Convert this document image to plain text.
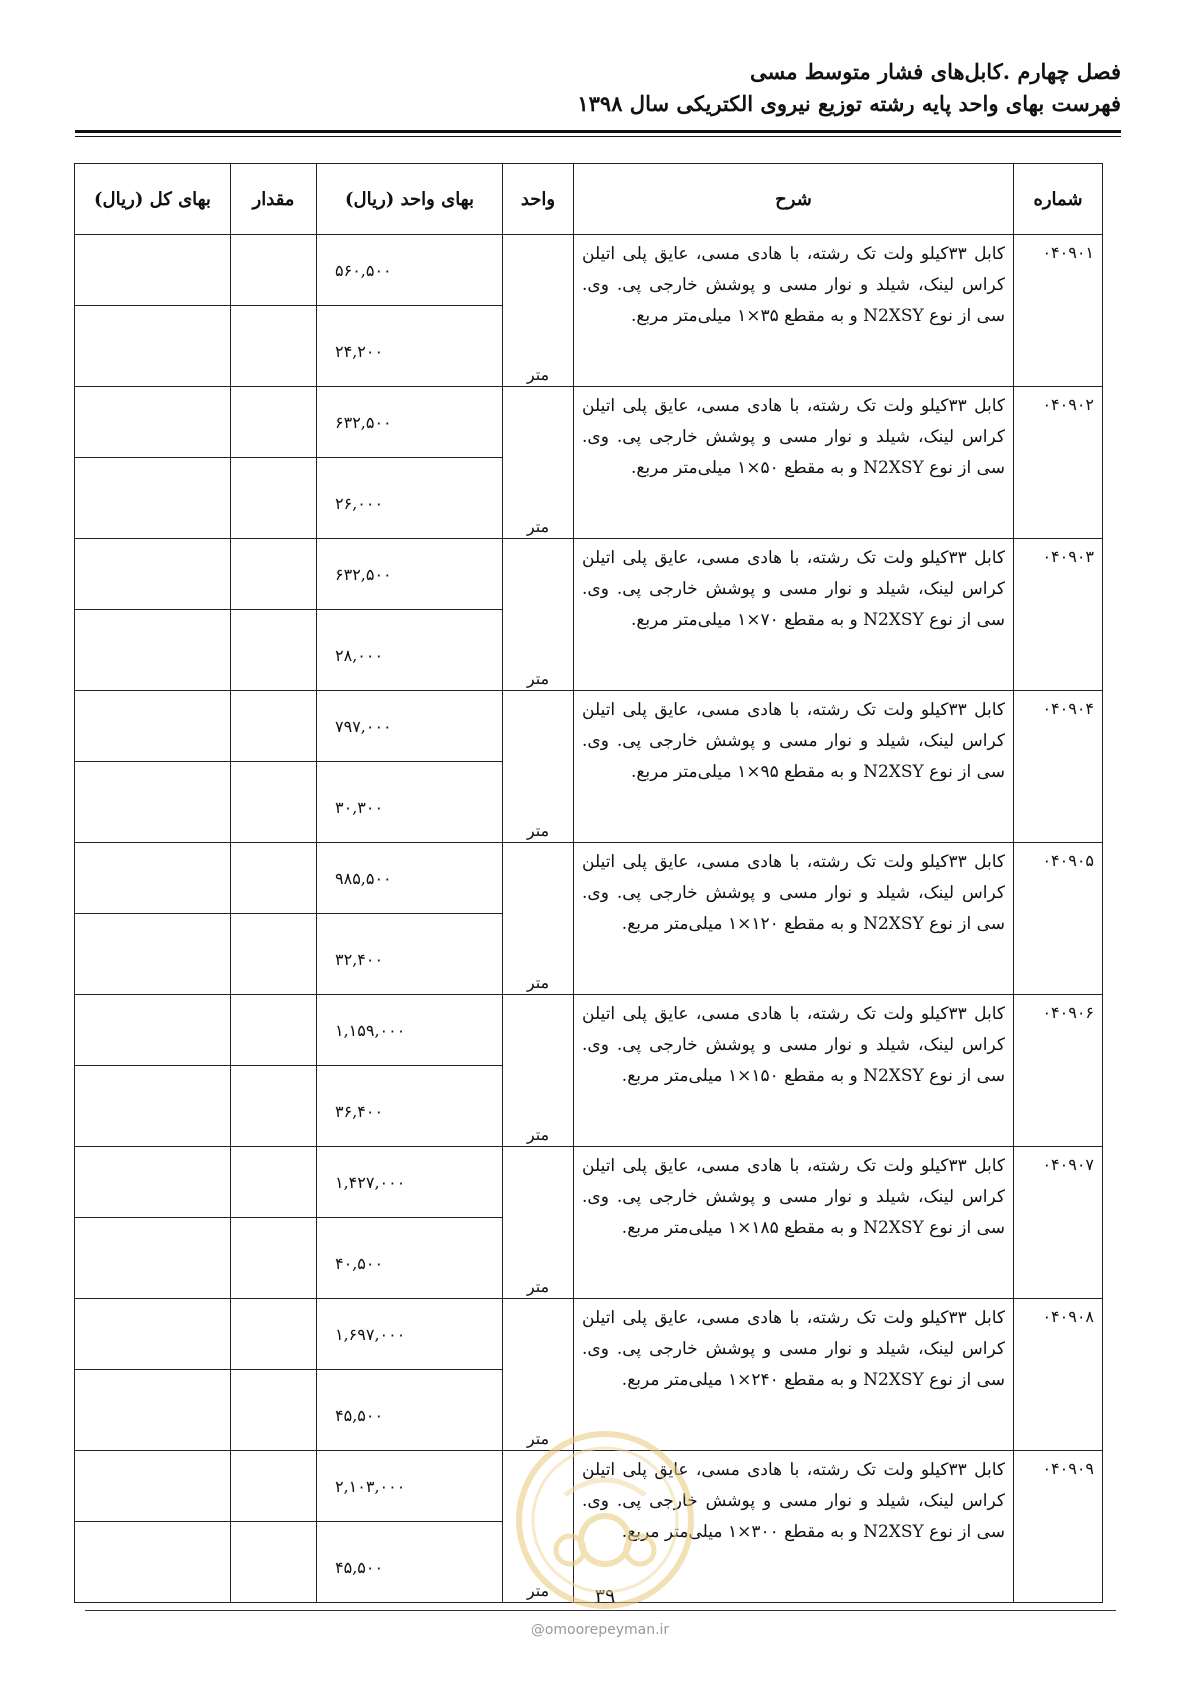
فصل چهارم .کابل‌های فشار متوسط مسی
فهرست بهای واحد پایه رشته توزیع نیروی الکتریکی سال ۱۳۹۸
شماره	شرح	واحد	بهای واحد (ریال)	مقدار	بهای کل (ریال)
۰۴۰۹۰۱	کابل ۳۳کیلو ولت تک رشته، با هادی مسی، عایق پلی اتیلن کراس لینک، شیلد و نوار مسی و پوشش خارجی پی. وی. سی از نوع N2XSY و به مقطع ۳۵×۱ میلی‌متر مربع.	متر	۵۶۰,۵۰۰		
			۲۴,۲۰۰		
۰۴۰۹۰۲	کابل ۳۳کیلو ولت تک رشته، با هادی مسی، عایق پلی اتیلن کراس لینک، شیلد و نوار مسی و پوشش خارجی پی. وی. سی از نوع N2XSY و به مقطع ۵۰×۱ میلی‌متر مربع.	متر	۶۳۲,۵۰۰		
			۲۶,۰۰۰		
۰۴۰۹۰۳	کابل ۳۳کیلو ولت تک رشته، با هادی مسی، عایق پلی اتیلن کراس لینک، شیلد و نوار مسی و پوشش خارجی پی. وی. سی از نوع N2XSY و به مقطع ۷۰×۱ میلی‌متر مربع.	متر	۶۳۲,۵۰۰		
			۲۸,۰۰۰		
۰۴۰۹۰۴	کابل ۳۳کیلو ولت تک رشته، با هادی مسی، عایق پلی اتیلن کراس لینک، شیلد و نوار مسی و پوشش خارجی پی. وی. سی از نوع N2XSY و به مقطع ۹۵×۱ میلی‌متر مربع.	متر	۷۹۷,۰۰۰		
			۳۰,۳۰۰		
۰۴۰۹۰۵	کابل ۳۳کیلو ولت تک رشته، با هادی مسی، عایق پلی اتیلن کراس لینک، شیلد و نوار مسی و پوشش خارجی پی. وی. سی از نوع N2XSY و به مقطع ۱۲۰×۱ میلی‌متر مربع.	متر	۹۸۵,۵۰۰		
			۳۲,۴۰۰		
۰۴۰۹۰۶	کابل ۳۳کیلو ولت تک رشته، با هادی مسی، عایق پلی اتیلن کراس لینک، شیلد و نوار مسی و پوشش خارجی پی. وی. سی از نوع N2XSY و به مقطع ۱۵۰×۱ میلی‌متر مربع.	متر	۱,۱۵۹,۰۰۰		
			۳۶,۴۰۰		
۰۴۰۹۰۷	کابل ۳۳کیلو ولت تک رشته، با هادی مسی، عایق پلی اتیلن کراس لینک، شیلد و نوار مسی و پوشش خارجی پی. وی. سی از نوع N2XSY و به مقطع ۱۸۵×۱ میلی‌متر مربع.	متر	۱,۴۲۷,۰۰۰		
			۴۰,۵۰۰		
۰۴۰۹۰۸	کابل ۳۳کیلو ولت تک رشته، با هادی مسی، عایق پلی اتیلن کراس لینک، شیلد و نوار مسی و پوشش خارجی پی. وی. سی از نوع N2XSY و به مقطع ۲۴۰×۱ میلی‌متر مربع.	متر	۱,۶۹۷,۰۰۰		
			۴۵,۵۰۰		
۰۴۰۹۰۹	کابل ۳۳کیلو ولت تک رشته، با هادی مسی، عایق پلی اتیلن کراس لینک، شیلد و نوار مسی و پوشش خارجی پی. وی. سی از نوع N2XSY و به مقطع ۳۰۰×۱ میلی‌متر مربع.	متر	۲,۱۰۳,۰۰۰		
			۴۵,۵۰۰		
۳۹
@omoorepeyman.ir
